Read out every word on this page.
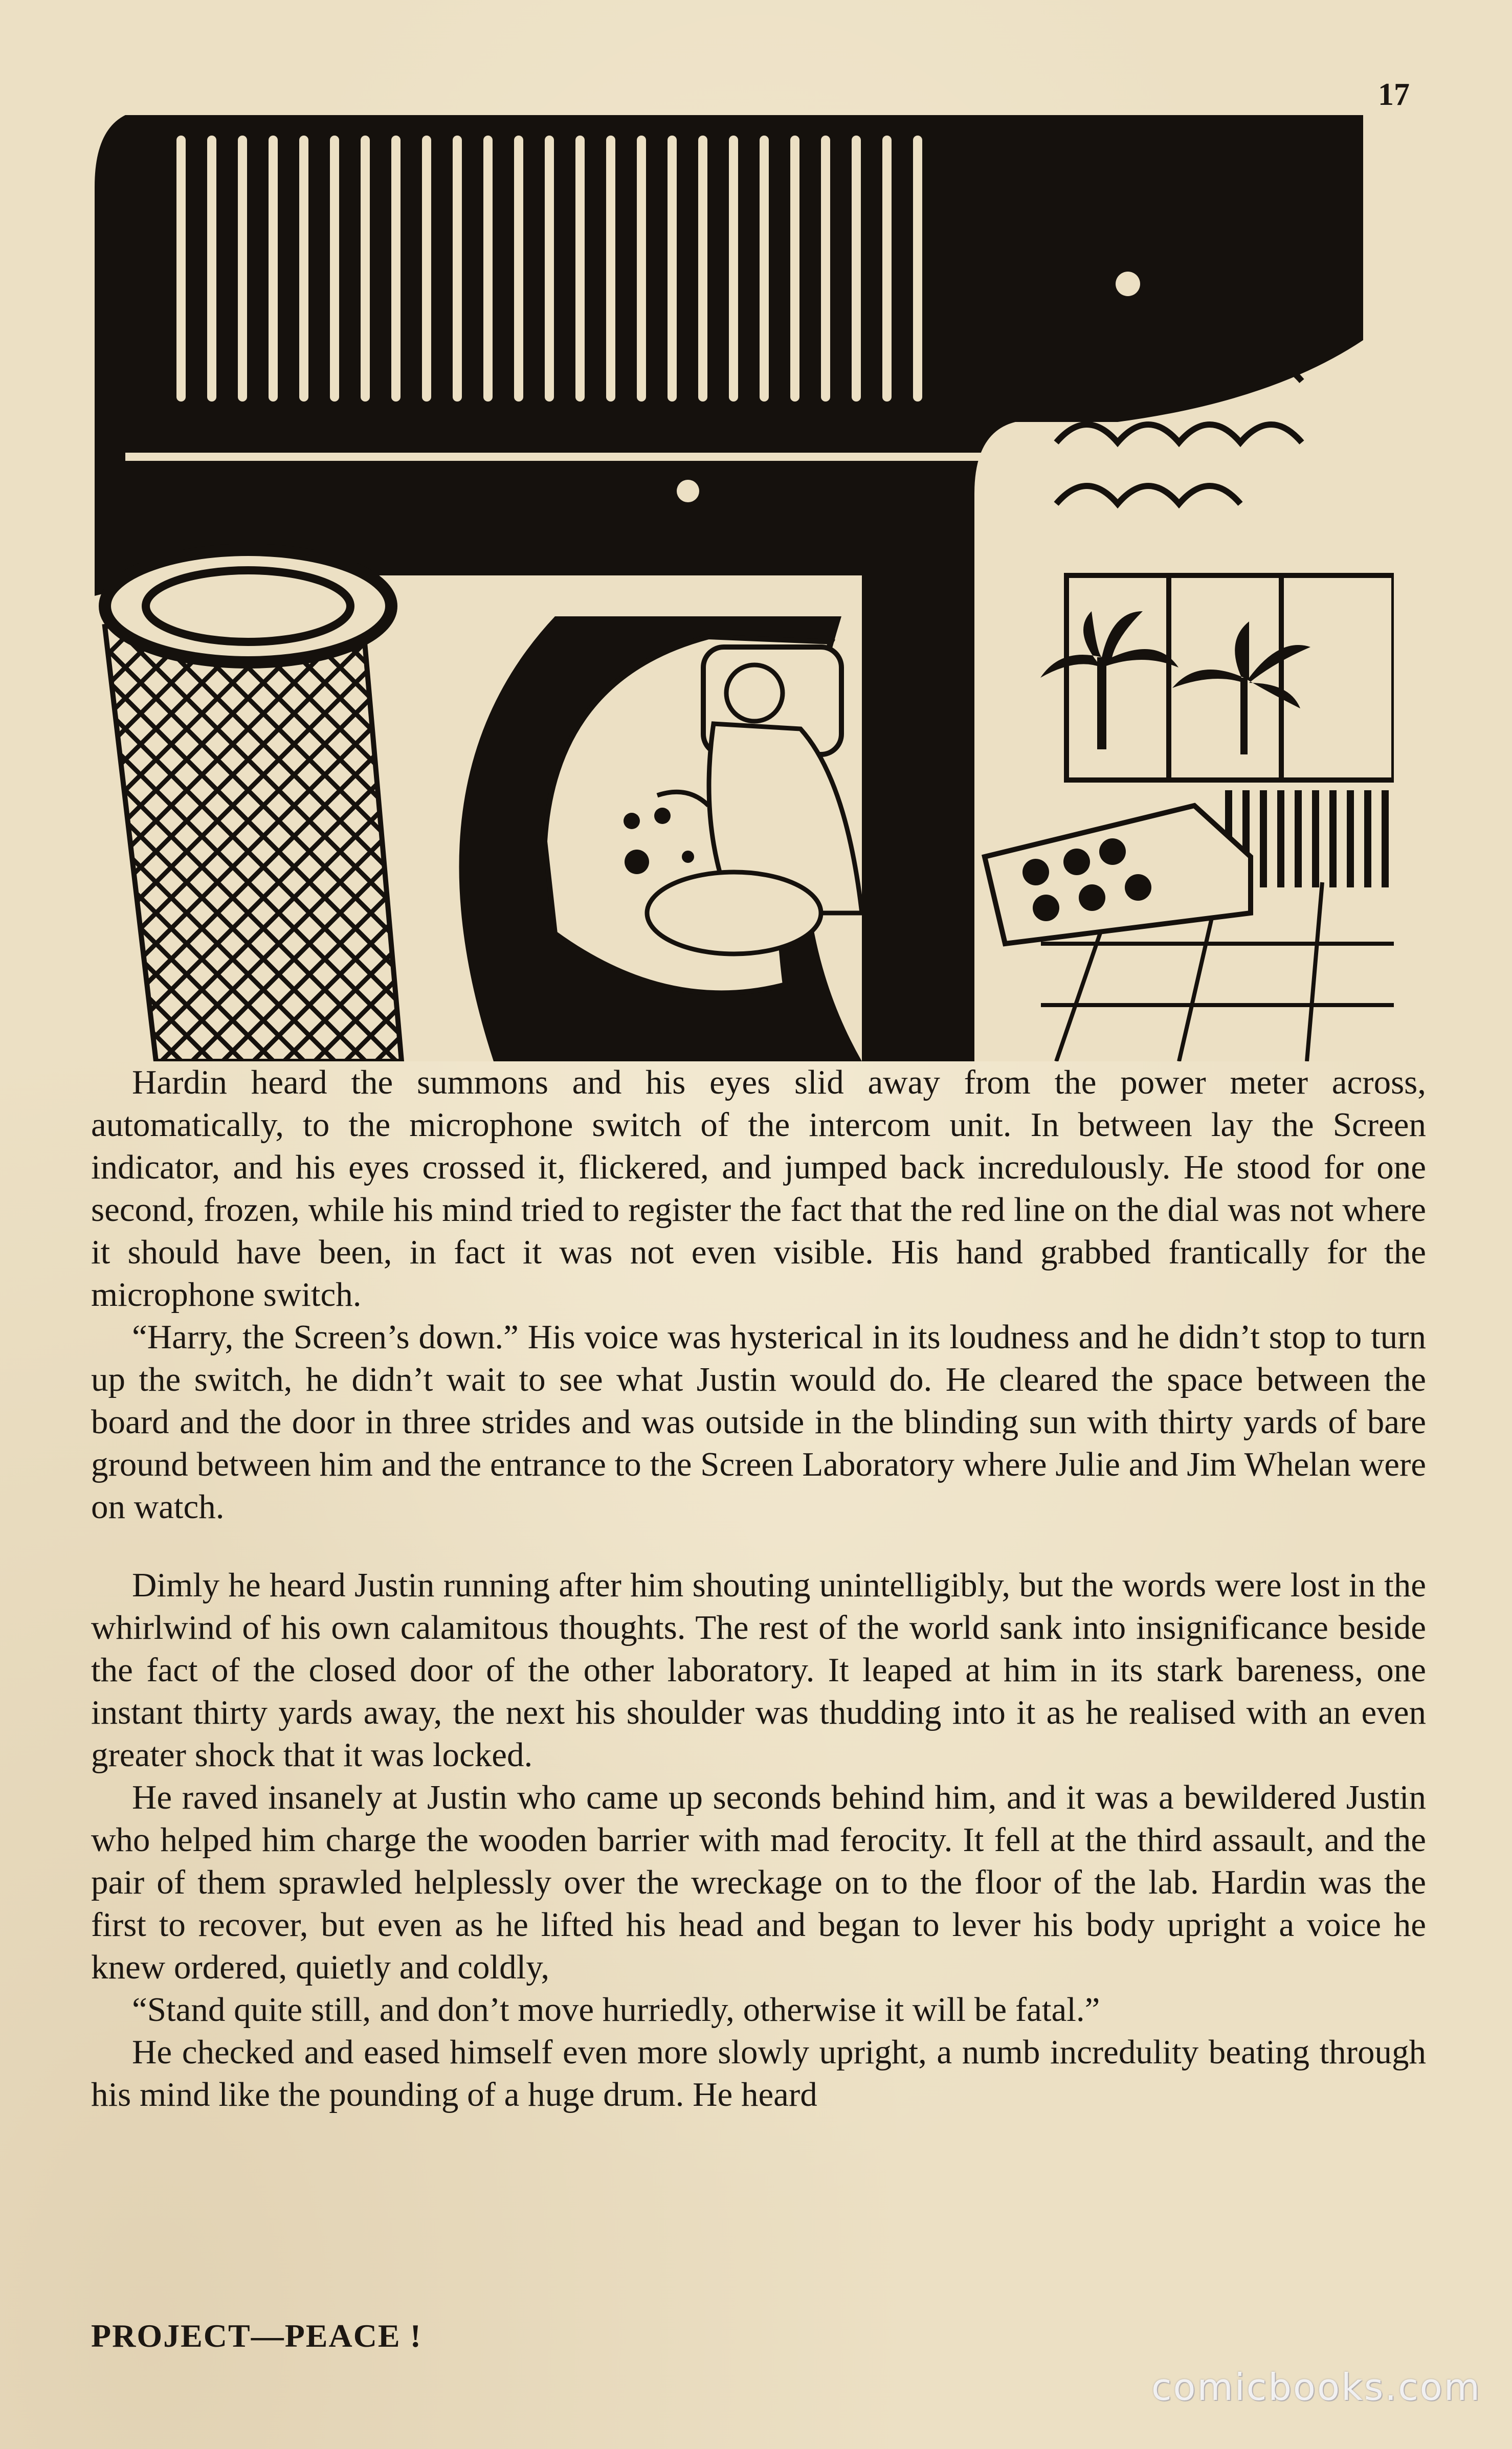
17

Hardin heard the summons and his eyes slid away from the power meter across, automatically, to the microphone switch of the intercom unit. In between lay the Screen indicator, and his eyes crossed it, flickered, and jumped back incredulously. He stood for one second, frozen, while his mind tried to register the fact that the red line on the dial was not where it should have been, in fact it was not even visible. His hand grabbed frantically for the microphone switch.

“Harry, the Screen’s down.” His voice was hysterical in its loudness and he didn’t stop to turn up the switch, he didn’t wait to see what Justin would do. He cleared the space between the board and the door in three strides and was outside in the blinding sun with thirty yards of bare ground between him and the entrance to the Screen Laboratory where Julie and Jim Whelan were on watch.

Dimly he heard Justin running after him shouting unintelligibly, but the words were lost in the whirlwind of his own calamitous thoughts. The rest of the world sank into insignificance beside the fact of the closed door of the other laboratory. It leaped at him in its stark bareness, one instant thirty yards away, the next his shoulder was thudding into it as he realised with an even greater shock that it was locked.

He raved insanely at Justin who came up seconds behind him, and it was a bewildered Justin who helped him charge the wooden barrier with mad ferocity. It fell at the third assault, and the pair of them sprawled helplessly over the wreckage on to the floor of the lab. Hardin was the first to recover, but even as he lifted his head and began to lever his body upright a voice he knew ordered, quietly and coldly,

“Stand quite still, and don’t move hurriedly, otherwise it will be fatal.”

He checked and eased himself even more slowly upright, a numb incredulity beating through his mind like the pounding of a huge drum. He heard

PROJECT—PEACE !
comicbooks.com
